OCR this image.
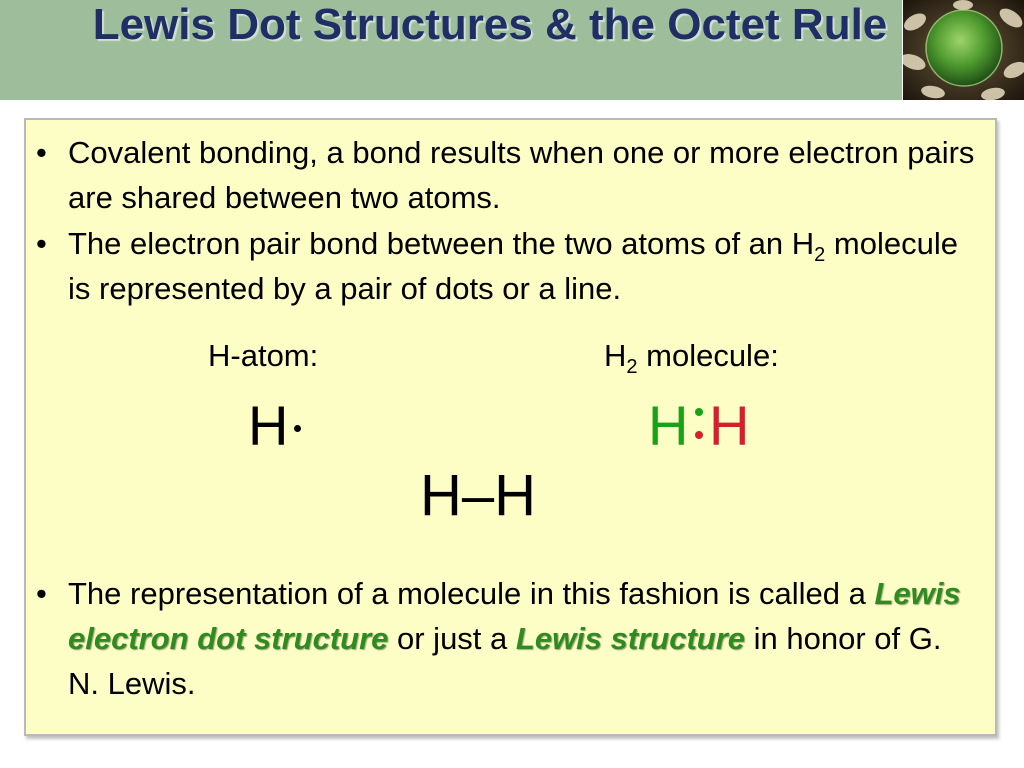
Lewis Dot Structures & the Octet Rule
• Covalent bonding, a bond results when one or more electron pairs are shared between two atoms.
• The electron pair bond between the two atoms of an $H_2$ molecule is represented by a pair of dots or a line.
H-atom:	$H_2$ molecule:
H	H H
H–H
• The representation of a molecule in this fashion is called a Lewis electron dot structure or just a Lewis structure in honor of G. N. Lewis.
